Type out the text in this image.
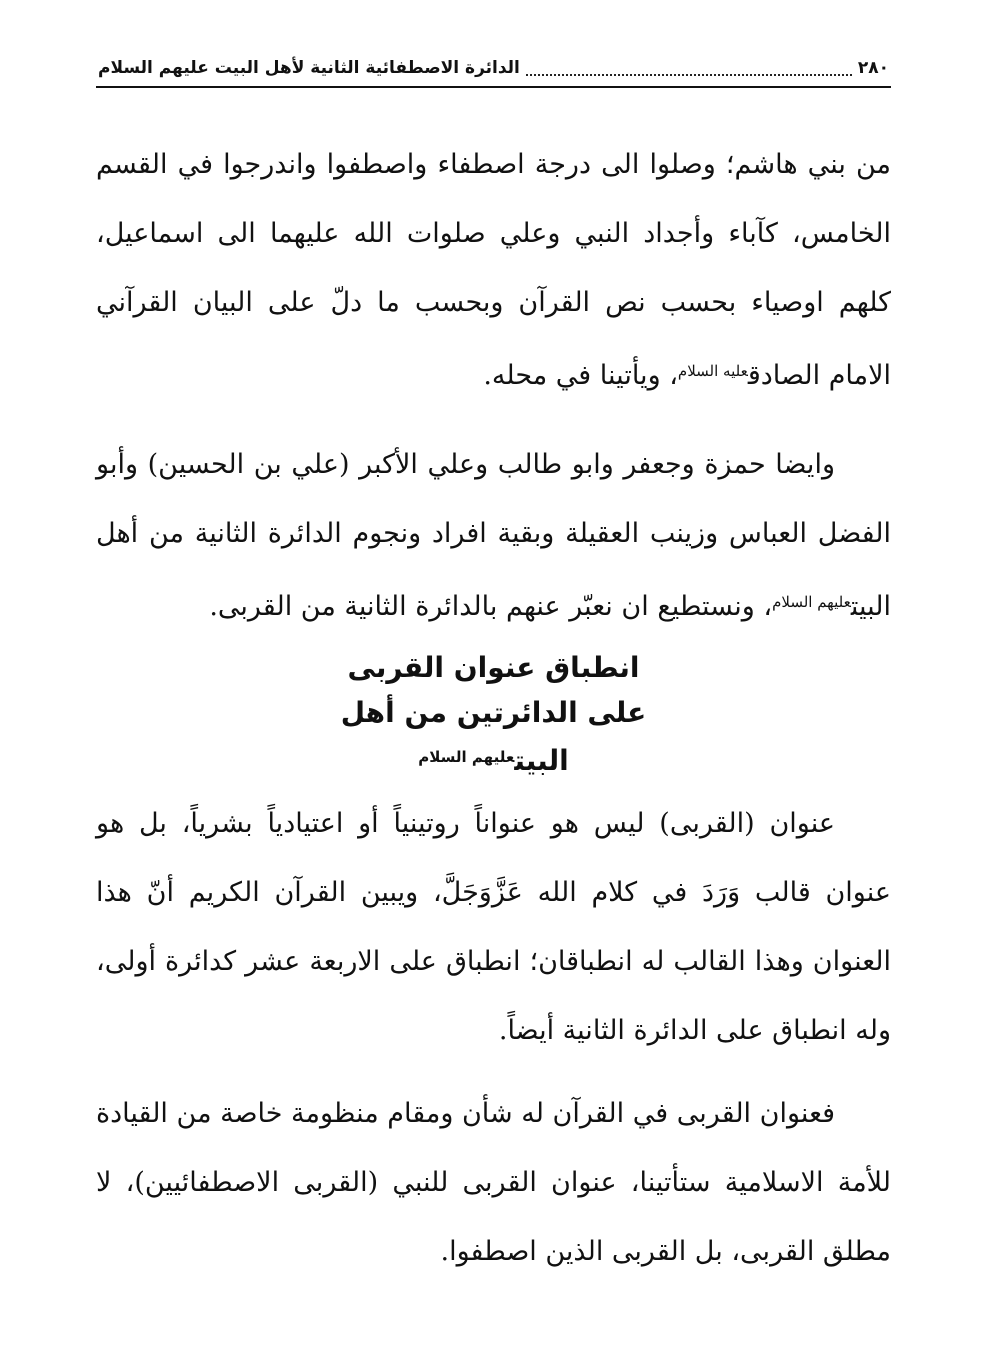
٢٨٠
الدائرة الاصطفائية الثانية لأهل البيت عليهم السلام

من بني هاشم؛ وصلوا الى درجة اصطفاء واصطفوا واندرجوا في القسم الخامس، كآباء وأجداد النبي وعلي صلوات الله عليهما الى اسماعيل، كلهم اوصياء بحسب نص القرآن وبحسب ما دلّ على البيان القرآني الامام الصادق$^{عليه السلام}$، ويأتينا في محله.

وايضا حمزة وجعفر وابو طالب وعلي الأكبر (علي بن الحسين) وأبو الفضل العباس وزينب العقيلة وبقية افراد ونجوم الدائرة الثانية من أهل البيت$^{عليهم السلام}$، ونستطيع ان نعبّر عنهم بالدائرة الثانية من القربى.

انطباق عنوان القربى
على الدائرتين من أهل
البيت$^{عليهم السلام}$

عنوان (القربى) ليس هو عنواناً روتينياً أو اعتيادياً بشرياً، بل هو عنوان قالب وَرَدَ في كلام الله عَزَّوَجَلَّ، ويبين القرآن الكريم أنّ هذا العنوان وهذا القالب له انطباقان؛ انطباق على الاربعة عشر كدائرة أولى، وله انطباق على الدائرة الثانية أيضاً.

فعنوان القربى في القرآن له شأن ومقام منظومة خاصة من القيادة للأمة الاسلامية ستأتينا، عنوان القربى للنبي (القربى الاصطفائيين)، لا مطلق القربى، بل القربى الذين اصطفوا.
